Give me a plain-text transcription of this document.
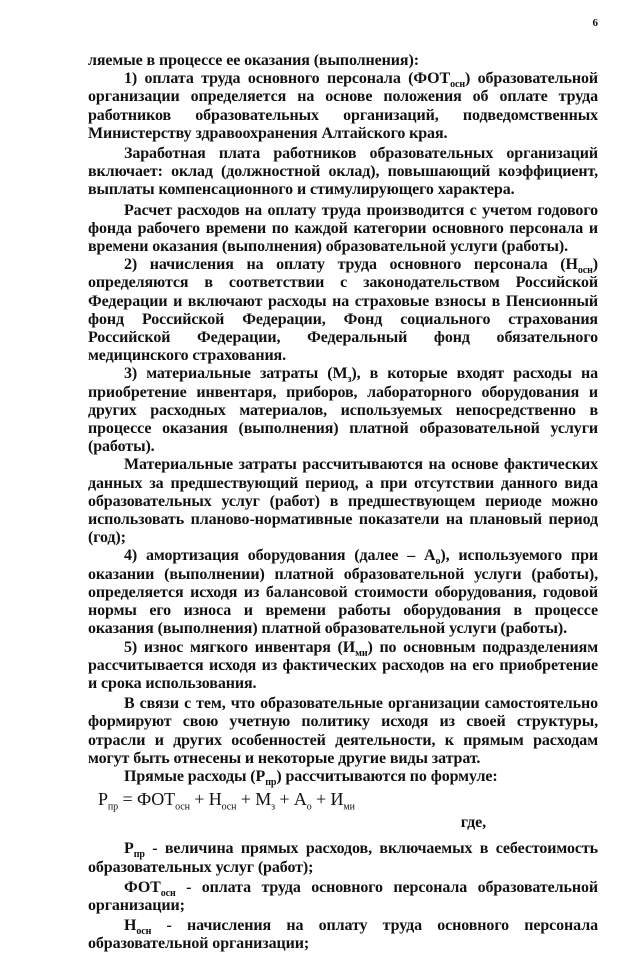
6

ляемые в процессе ее оказания (выполнения):

1) оплата труда основного персонала $(ФОТ_{осн})$ образовательной организации определяется на основе положения об оплате труда работников образовательных организаций, подведомственных Министерству здравоохранения Алтайского края.

Заработная плата работников образовательных организаций включает: оклад (должностной оклад), повышающий коэффициент, выплаты компенсационного и стимулирующего характера.

Расчет расходов на оплату труда производится с учетом годового фонда рабочего времени по каждой категории основного персонала и времени оказания (выполнения) образовательной услуги (работы).

2) начисления на оплату труда основного персонала $(Н_{осн})$ определяются в соответствии с законодательством Российской Федерации и включают расходы на страховые взносы в Пенсионный фонд Российской Федерации, Фонд социального страхования Российской Федерации, Федеральный фонд обязательного медицинского страхования.

3) материальные затраты $(М_з)$, в которые входят расходы на приобретение инвентаря, приборов, лабораторного оборудования и других расходных материалов, используемых непосредственно в процессе оказания (выполнения) платной образовательной услуги (работы).

Материальные затраты рассчитываются на основе фактических данных за предшествующий период, а при отсутствии данного вида образовательных услуг (работ) в предшествующем периоде можно использовать планово-нормативные показатели на плановый период (год);

4) амортизация оборудования (далее – $А_о$), используемого при оказании (выполнении) платной образовательной услуги (работы), определяется исходя из балансовой стоимости оборудования, годовой нормы его износа и времени работы оборудования в процессе оказания (выполнения) платной образовательной услуги (работы).

5) износ мягкого инвентаря $(И_{ми})$ по основным подразделениям рассчитывается исходя из фактических расходов на его приобретение и срока использования.

В связи с тем, что образовательные организации самостоятельно формируют свою учетную политику исходя из своей структуры, отрасли и других особенностей деятельности, к прямым расходам могут быть отнесены и некоторые другие виды затрат.

Прямые расходы $(Р_{пр})$ рассчитываются по формуле:

$Р_{пр} = ФОТ_{осн} + Н_{осн} + М_з + А_о + И_{ми}$
где,

$Р_{пр}$ - величина прямых расходов, включаемых в себестоимость образовательных услуг (работ);

$ФОТ_{осн}$ - оплата труда основного персонала образовательной организации;

$Н_{осн}$ - начисления на оплату труда основного персонала образовательной организации;
